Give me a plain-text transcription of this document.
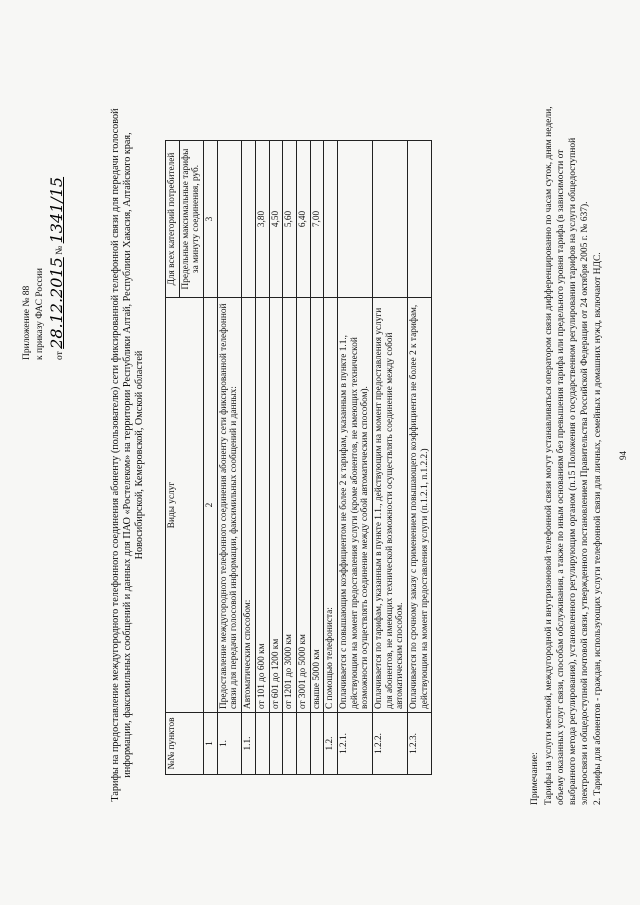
Приложение № 88 к приказу ФАС России	от 28.12.2015 № 1341/15	Тарифы на предоставление междугородного телефонного соединения абоненту (пользователю) сети фиксированной телефонной связи для передачи голосовой информации, факсимильных сообщений и данных для ПАО «Ростелеком» на территории Республики Алтай, Республики Хакасия, Алтайского края, Новосибирской, Кемеровской, Омской областей
№№ пунктов	Виды услуг	Для всех категорий потребителей
		Предельные максимальные тарифы за минуту соединения, руб.
1	2	3
1.	Предоставление междугородного телефонного соединения абоненту сети фиксированной телефонной связи для передачи голосовой информации, факсимильных сообщений и данных:	
1.1.	Автоматическим способом:	
	от 101 до 600 км	3,80
	от 601 до 1200 км	4,50
	от 1201 до 3000 км	5,60
	от 3001 до 5000 км	6,40
	свыше 5000 км	7,00
1.2.	С помощью телефониста:	
1.2.1.	Оплачивается с повышающим коэффициентом не более 2 к тарифам, указанным в пункте 1.1., действующим на момент предоставления услуги (кроме абонентов, не имеющих технической возможности осуществлять соединение между собой автоматическим способом).	
1.2.2.	Оплачивается по тарифам, указанным в пункте 1.1., действующим на момент предоставления услуги для абонентов, не имеющих технической возможности осуществлять соединение между собой автоматическим способом.	
1.2.3.	Оплачивается по срочному заказу с применением повышающего коэффициента не более 2 к тарифам, действующим на момент предоставления услуги (п.1.2.1, п.1.2.2.)	

Примечание: Тарифы на услуги местной, междугородной и внутризоновой телефонной связи могут устанавливаться оператором связи дифференцированно по часам суток, дням недели, объему оказанных услуг связи, способам обслуживания, а также по иным основаниям без превышения тарифа или предельного уровня тарифа (в зависимости от выбранного метода регулирования), установленного регулирующим органом (п.15 Положения о государственном регулировании тарифов на услуги общедоступной электросвязи и общедоступной почтовой связи, утвержденного постановлением Правительства Российской Федерации от 24 октября 2005 г. № 637). 2. Тарифы для абонентов - граждан, использующих услуги телефонной связи для личных, семейных и домашних нужд, включают НДС. 94
